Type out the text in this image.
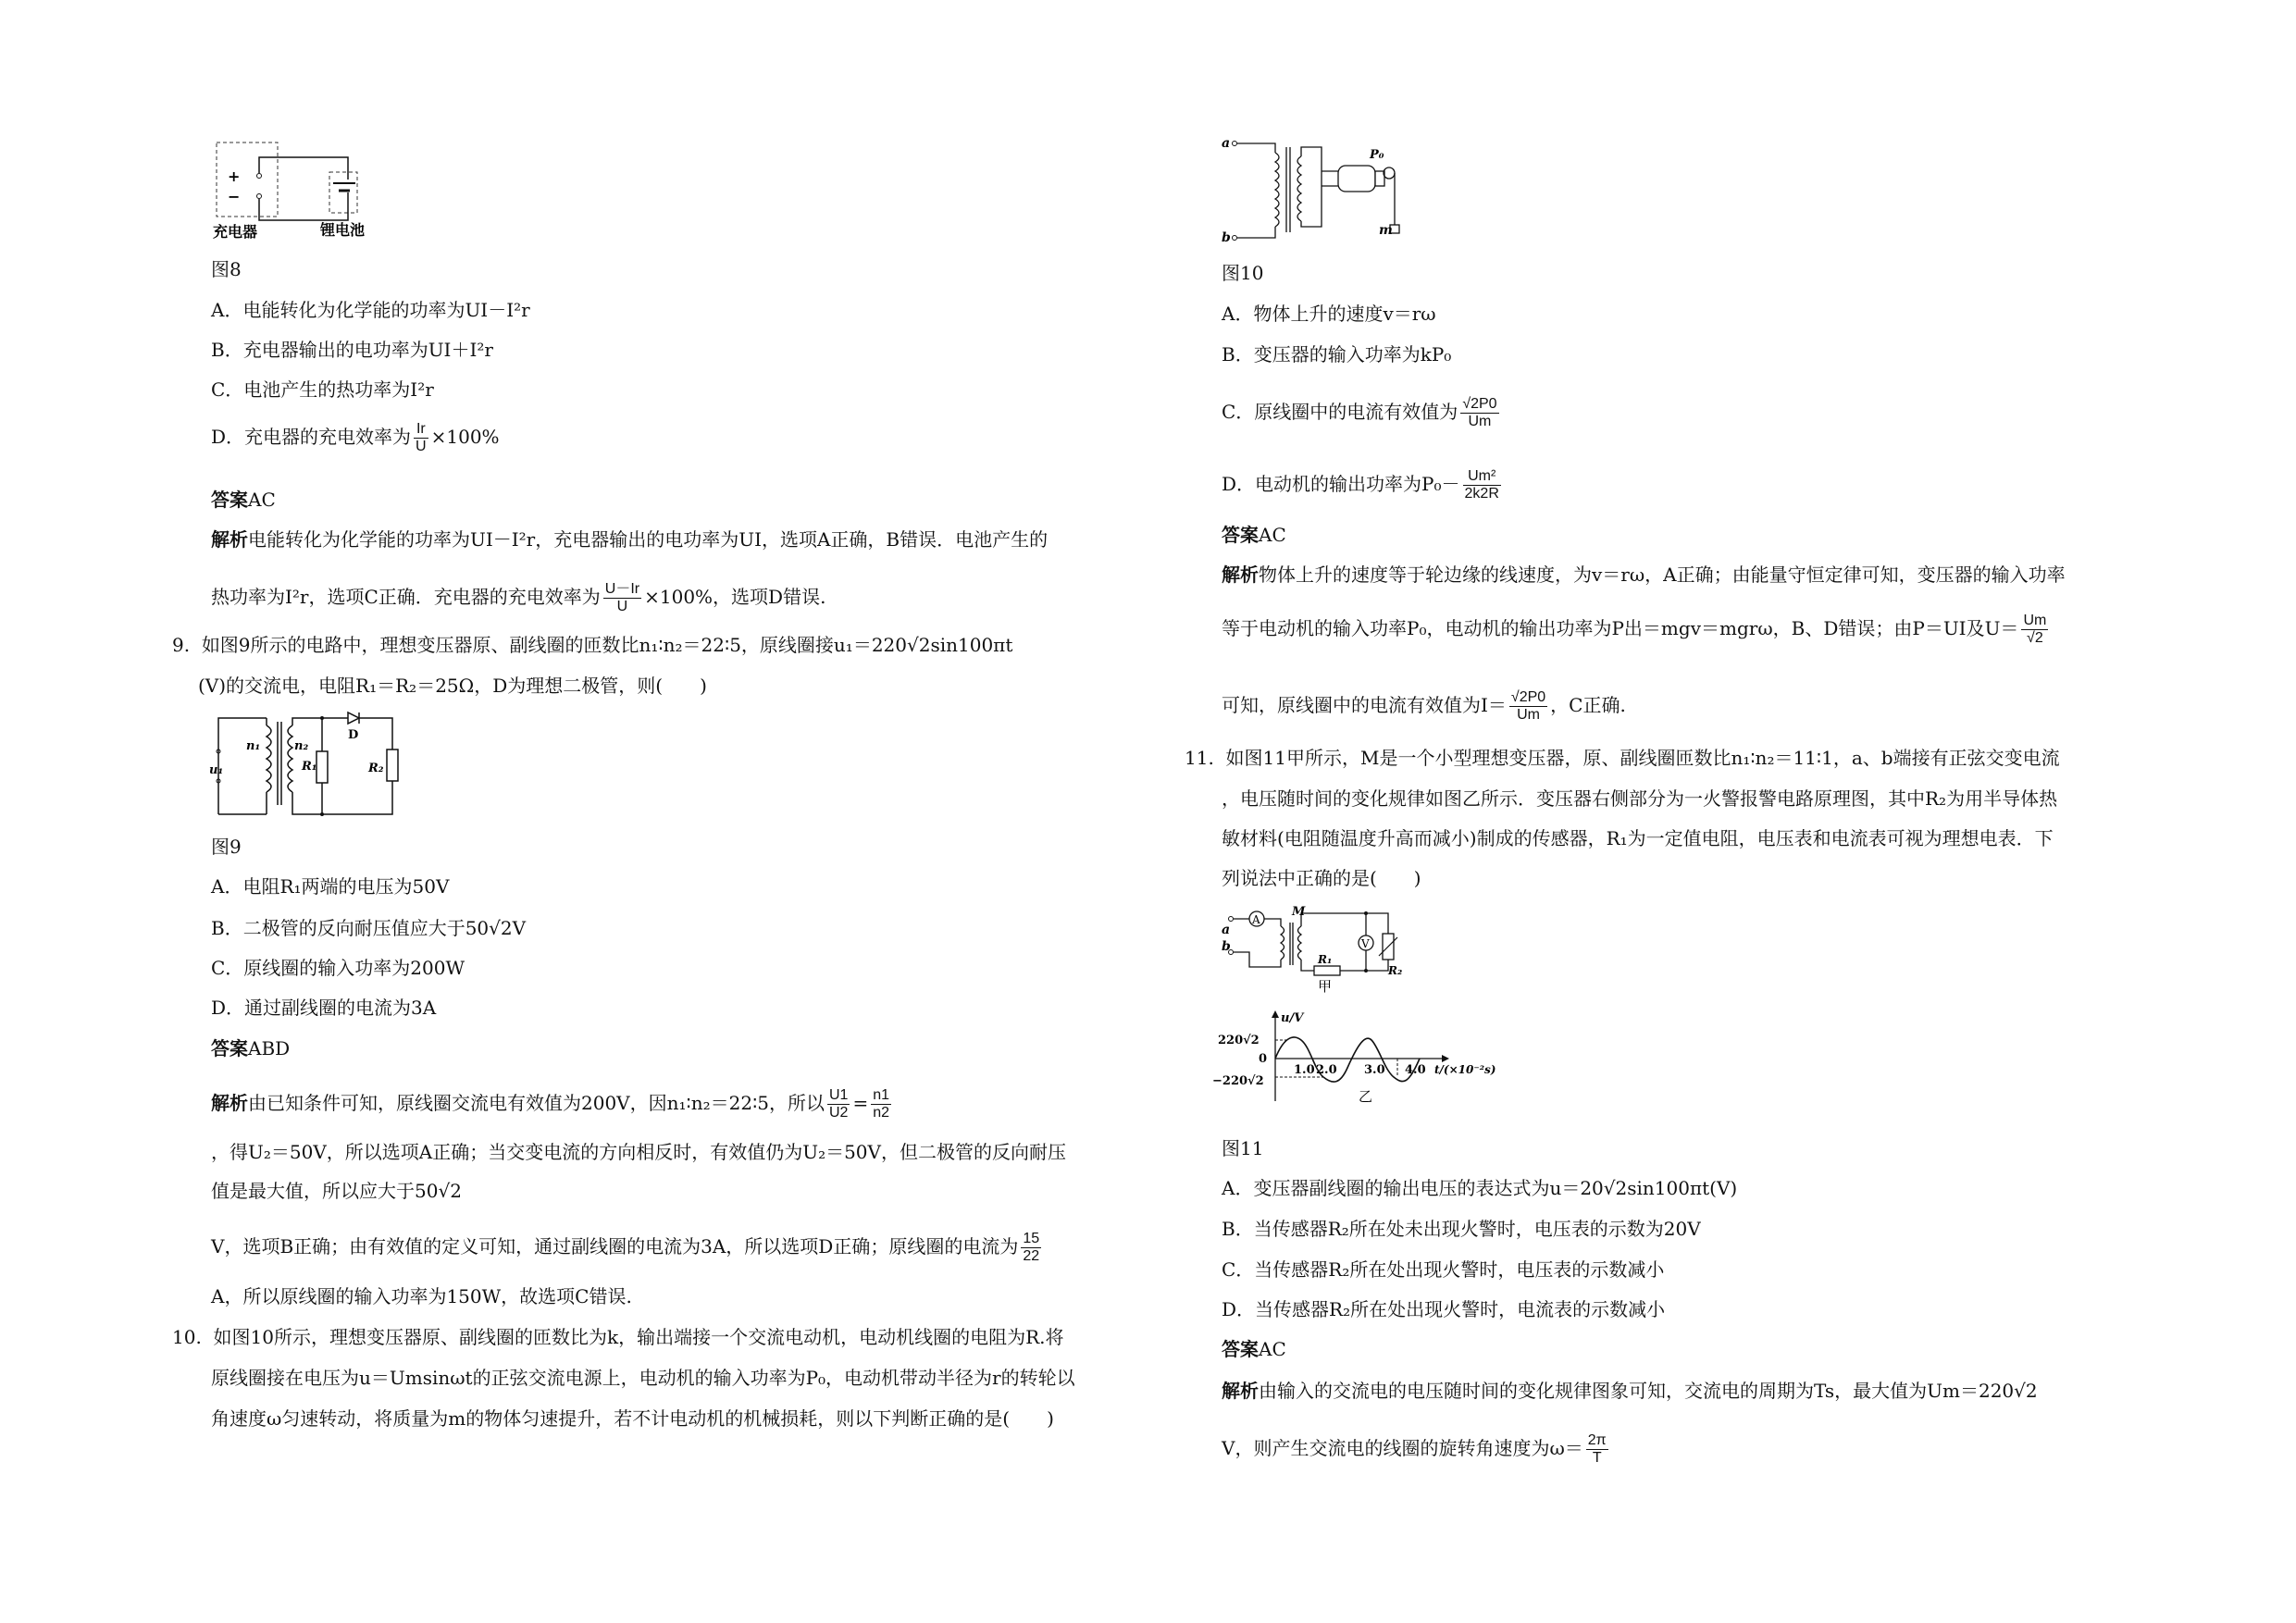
+
−
充电器	锂电池
图8
A．电能转化为化学能的功率为UI－I²r
B．充电器输出的电功率为UI＋I²r
C．电池产生的热功率为I²r
D．充电器的充电效率为 $\frac{Ir}{U} \times 100\%$
答案AC
解析电能转化为化学能的功率为UI－I²r，充电器输出的电功率为UI，选项A正确，B错误．电池产生的
热功率为I²r，选项C正确．充电器的充电效率为 $\frac{U-Ir}{U} \times 100\%$，选项D错误.
9. 如图9所示的电路中，理想变压器原、副线圈的匝数比n₁∶n₂＝22∶5，原线圈接u₁＝220√2sin100πt
(V)的交流电，电阻R₁＝R₂＝25Ω，D为理想二极管，则(　　)
u₁
n₁	n₂
R₁	R₂
D
图9
A．电阻R₁两端的电压为50V
B．二极管的反向耐压值应大于50√2V
C．原线圈的输入功率为200W
D．通过副线圈的电流为3A
答案ABD
解析由已知条件可知，原线圈交流电有效值为200V，因n₁∶n₂＝22∶5，所以 $\frac{U1}{U2} = \frac{n1}{n2}$
，得U₂＝50V，所以选项A正确；当交变电流的方向相反时，有效值仍为U₂＝50V，但二极管的反向耐压
值是最大值，所以应大于50√2
V，选项B正确；由有效值的定义可知，通过副线圈的电流为3A，所以选项D正确；原线圈的电流为 $\frac{15}{22}$
A，所以原线圈的输入功率为150W，故选项C错误.
10. 如图10所示，理想变压器原、副线圈的匝数比为k，输出端接一个交流电动机，电动机线圈的电阻为R.将
原线圈接在电压为u＝Umsinωt的正弦交流电源上，电动机的输入功率为P₀，电动机带动半径为r的转轮以
角速度ω匀速转动，将质量为m的物体匀速提升，若不计电动机的机械损耗，则以下判断正确的是(　　)
a
b
P₀
m
图10
A．物体上升的速度v＝rω
B．变压器的输入功率为kP₀
C．原线圈中的电流有效值为 $\frac{√2P0}{Um}$
D．电动机的输出功率为$P_0- \frac{\text{Um²}}{2k2R}$
答案AC
解析物体上升的速度等于轮边缘的线速度，为v＝rω，A正确；由能量守恒定律可知，变压器的输入功率
等于电动机的输入功率P₀，电动机的输出功率为P出＝mgv＝mgrω，B、D错误；由P＝UI及$U= \frac{Um}{√2}$
可知，原线圈中的电流有效值为$I= \frac{√2P0}{Um}$ ，C正确.
11. 如图11甲所示，M是一个小型理想变压器，原、副线圈匝数比n₁∶n₂＝11∶1，a、b端接有正弦交变电流
，电压随时间的变化规律如图乙所示．变压器右侧部分为一火警报警电路原理图，其中R₂为用半导体热
敏材料(电阻随温度升高而减小)制成的传感器，R₁为一定值电阻，电压表和电流表可视为理想电表．下
列说法中正确的是(　　)
A
V
a
b
M
R₁
R₂
甲
u/V
220√2
0
−220√2
1.0 2.0 3.0 4.0 t/(×10⁻²s)
乙
图11
A．变压器副线圈的输出电压的表达式为u＝20√2sin100πt(V)
B．当传感器R₂所在处未出现火警时，电压表的示数为20V
C．当传感器R₂所在处出现火警时，电压表的示数减小
D．当传感器R₂所在处出现火警时，电流表的示数减小
答案AC
解析由输入的交流电的电压随时间的变化规律图象可知，交流电的周期为Ts，最大值为Um＝220√2
V，则产生交流电的线圈的旋转角速度为$\omega= \frac{2\pi}{T}$
